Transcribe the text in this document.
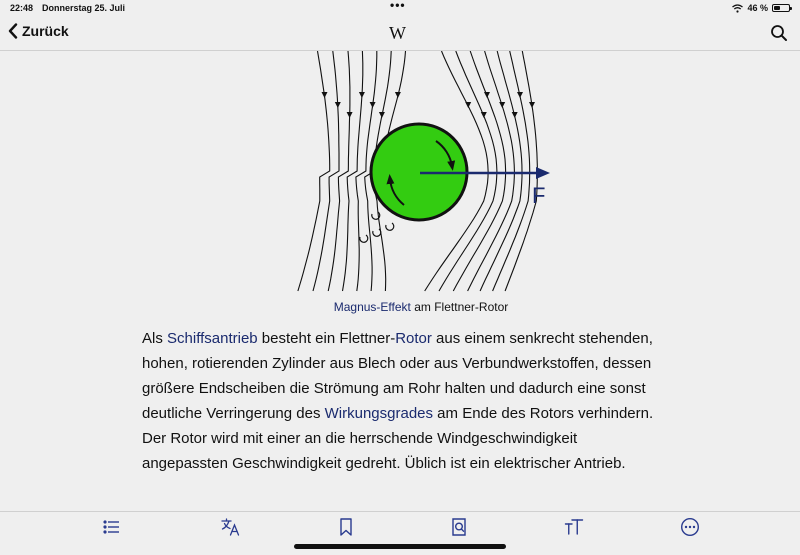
22:48 Donnerstag 25. Juli	•••	46 %
Zurück	W
F
Magnus-Effekt am Flettner-Rotor
Als Schiffsantrieb besteht ein Flettner-Rotor aus einem senkrecht stehenden, hohen, rotierenden Zylinder aus Blech oder aus Verbundwerkstoffen, dessen größere Endscheiben die Strömung am Rohr halten und dadurch eine sonst deutliche Verringerung des Wirkungsgrades am Ende des Rotors verhindern. Der Rotor wird mit einer an die herrschende Windgeschwindigkeit angepassten Geschwindigkeit gedreht. Üblich ist ein elektrischer Antrieb.
